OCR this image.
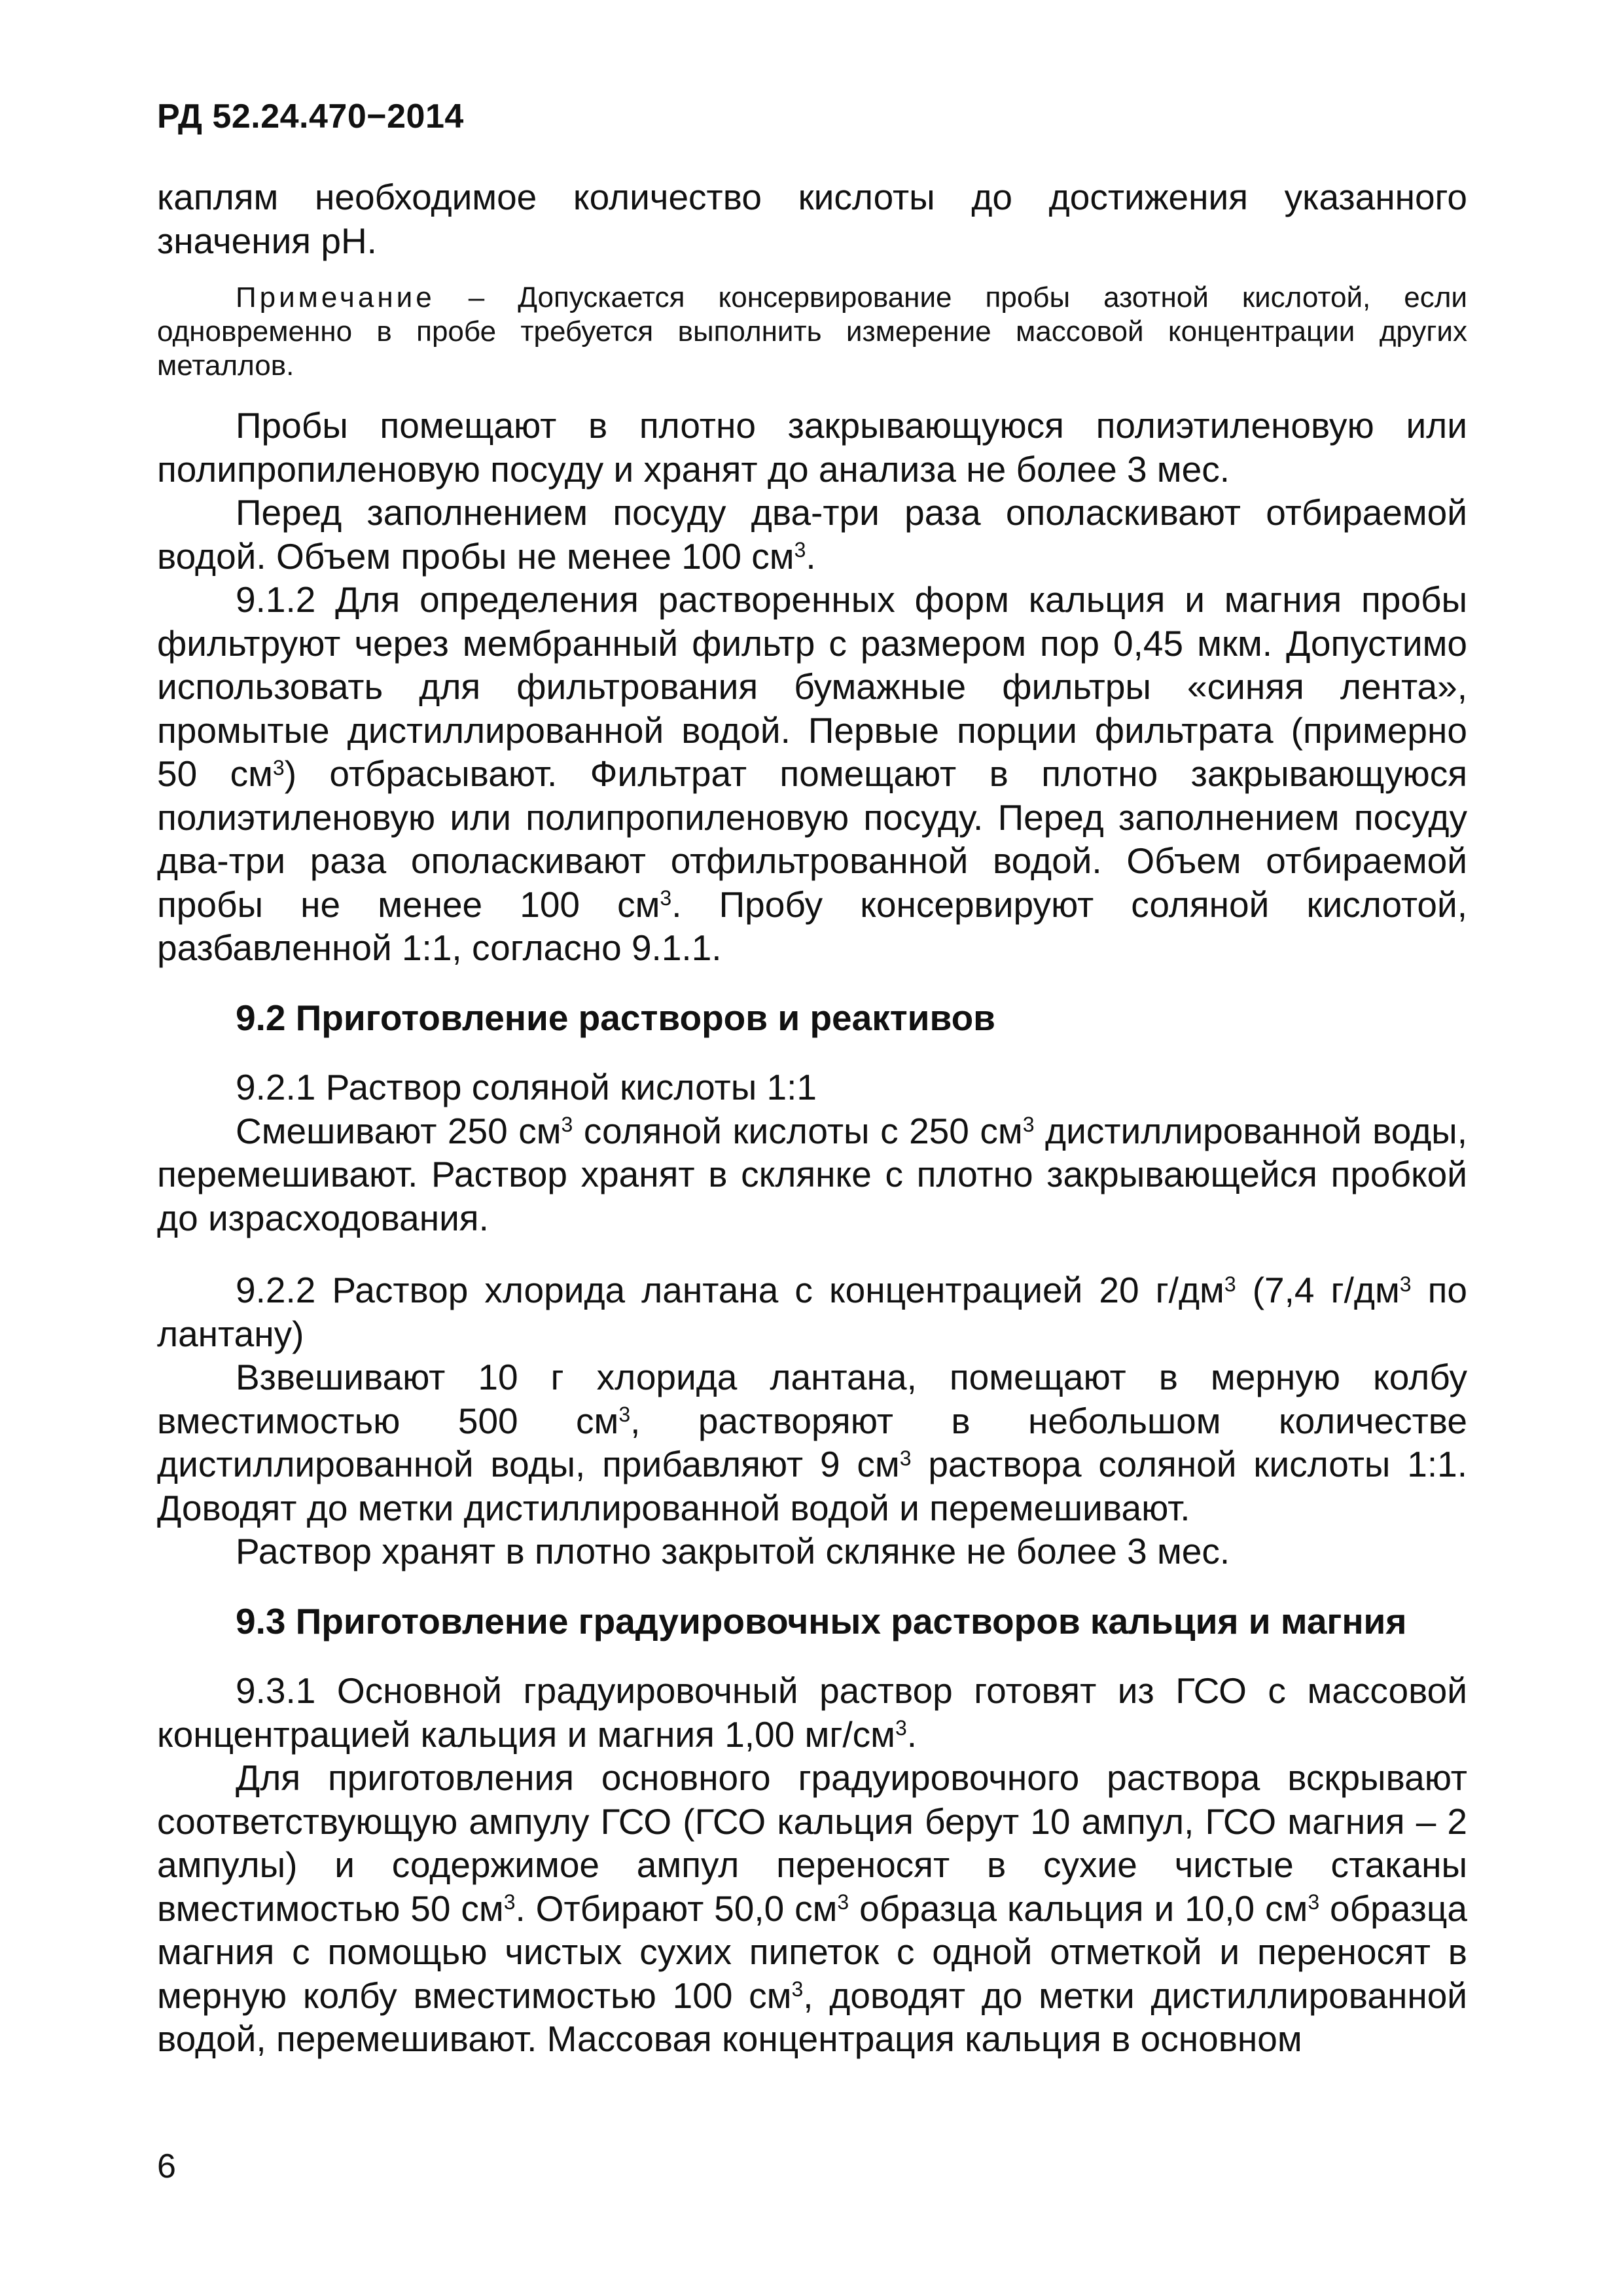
РД 52.24.470−2014

каплям необходимое количество кислоты до достижения указанного значения рН.

Примечание – Допускается консервирование пробы азотной кислотой, если одновременно в пробе требуется выполнить измерение массовой концентрации других металлов.

Пробы помещают в плотно закрывающуюся полиэтиленовую или полипропиленовую посуду и хранят до анализа не более 3 мес.

Перед заполнением посуду два-три раза ополаскивают отбираемой водой. Объем пробы не менее 100 $см^3$.

9.1.2 Для определения растворенных форм кальция и магния пробы фильтруют через мембранный фильтр с размером пор 0,45 мкм. Допустимо использовать для фильтрования бумажные фильтры «синяя лента», промытые дистиллированной водой. Первые порции фильтрата (примерно 50 $см^3$) отбрасывают. Фильтрат помещают в плотно закрывающуюся полиэтиленовую или полипропиленовую посуду. Перед заполнением посуду два-три раза ополаскивают отфильтрованной водой. Объем отбираемой пробы не менее 100 $см^3$. Пробу консервируют соляной кислотой, разбавленной 1:1, согласно 9.1.1.

9.2 Приготовление растворов и реактивов

9.2.1 Раствор соляной кислоты 1:1

Смешивают 250 $см^3$ соляной кислоты с 250 $см^3$ дистиллированной воды, перемешивают. Раствор хранят в склянке с плотно закрывающейся пробкой до израсходования.

9.2.2 Раствор хлорида лантана с концентрацией 20 $г/дм^3$ (7,4 $г/дм^3$ по лантану)

Взвешивают 10 г хлорида лантана, помещают в мерную колбу вместимостью 500 $см^3$, растворяют в небольшом количестве дистиллированной воды, прибавляют 9 $см^3$ раствора соляной кислоты 1:1. Доводят до метки дистиллированной водой и перемешивают.

Раствор хранят в плотно закрытой склянке не более 3 мес.

9.3 Приготовление градуировочных растворов кальция и магния

9.3.1 Основной градуировочный раствор готовят из ГСО с массовой концентрацией кальция и магния 1,00 $мг/см^3$.

Для приготовления основного градуировочного раствора вскрывают соответствующую ампулу ГСО (ГСО кальция берут 10 ампул, ГСО магния – 2 ампулы) и содержимое ампул переносят в сухие чистые стаканы вместимостью 50 $см^3$. Отбирают 50,0 $см^3$ образца кальция и 10,0 $см^3$ образца магния с помощью чистых сухих пипеток с одной отметкой и переносят в мерную колбу вместимостью 100 $см^3$, доводят до метки дистиллированной водой, перемешивают. Массовая концентрация кальция в основном

6
